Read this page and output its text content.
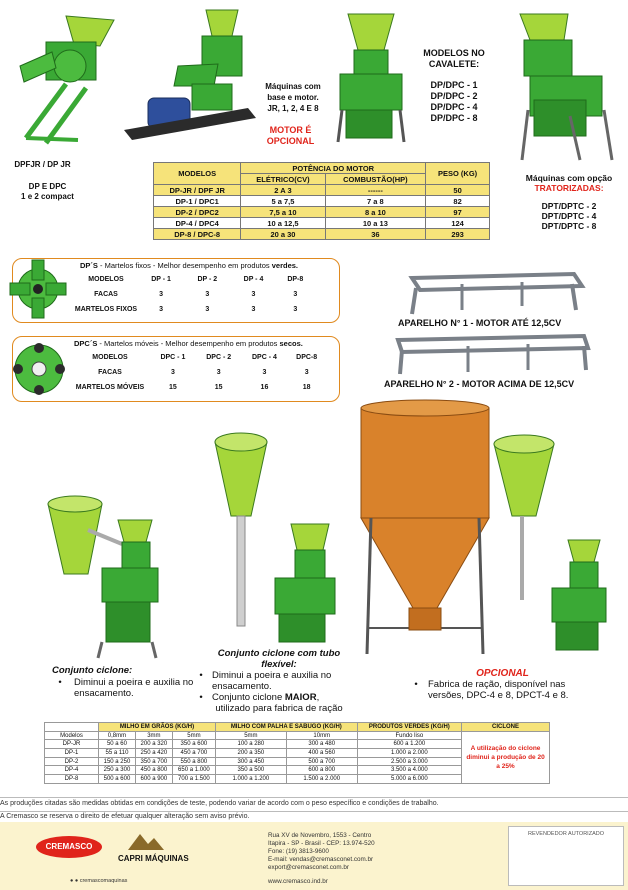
Máquinas com
base e motor.
JR, 1, 2, 4 E 8
MOTOR É
OPCIONAL
MODELOS NO
CAVALETE:
DP/DPC - 1
DP/DPC - 2
DP/DPC - 4
DP/DPC - 8
DPFJR / DP JR
DP E DPC
1 e 2 compact
Máquinas com opção
TRATORIZADAS:
DPT/DPTC - 2
DPT/DPTC - 4
DPT/DPTC - 8
MODELOS	POTÊNCIA DO MOTOR		PESO (KG)
	ELÉTRICO(CV)	COMBUSTÃO(HP)	
DP-JR / DPF JR	2 A 3	------	50
DP-1 / DPC1	5 a 7,5	7 a 8	82
DP-2 / DPC2	7,5 a 10	8 a 10	97
DP-4 / DPC4	10 a 12,5	10 a 13	124
DP-8 / DPC-8	20 a 30	36	293
DP´S - Martelos fixos - Melhor desempenho em produtos verdes.
MODELOS	DP - 1	DP - 2	DP - 4	DP-8
FACAS	3	3	3	3
MARTELOS FIXOS	3	3	3	3
DPC´S - Martelos móveis - Melhor desempenho em produtos secos.
MODELOS	DPC - 1	DPC - 2	DPC - 4	DPC-8
FACAS	3	3	3	3
MARTELOS MÓVEIS	15	15	16	18
APARELHO N° 1 - MOTOR ATÉ 12,5CV
APARELHO N° 2 - MOTOR ACIMA DE 12,5CV
Conjunto ciclone:
•	Diminui a poeira e auxilia no ensacamento.
Conjunto ciclone com tubo
flexível:
• Diminui a poeira e auxilia no ensacamento.
• Conjunto ciclone MAIOR,
utilizado para fabrica de ração
OPCIONAL
•	Fabrica de ração, disponível nas versões, DPC-4 e 8, DPCT-4 e 8.
	MILHO EM GRÃOS (KG/H)			MILHO COM PALHA E SABUGO (KG/H)		PRODUTOS VERDES (KG/H)	CICLONE
Modelos	0,8mm	3mm	5mm	5mm	10mm	Fundo liso	A utilização do ciclone diminui a produção de 20 a 25%
DP-JR	50 a 60	200 a 320	350 a 600	100 a 280	300 a 480	600 a 1.200	
DP-1	55 a 110	250 a 420	450 a 700	200 a 350	400 a 560	1.000 a 2.000	
DP-2	150 a 250	350 a 700	550 a 800	300 a 450	500 a 700	2.500 a 3.000	
DP-4	250 a 300	450 a 800	650 a 1.000	350 a 500	600 a 800	3.500 a 4.000	
DP-8	500 a 600	600 a 900	700 a 1.500	1.000 a 1.200	1.500 a 2.000	5.000 a 6.000	
As produções citadas são medidas obtidas em condições de teste, podendo variar de acordo com o peso específico e condições de trabalho.
A Cremasco se reserva o direito de efetuar qualquer alteração sem aviso prévio.
CREMASCO
CAPRI MÁQUINAS
● ● cremascomaquinas
Rua XV de Novembro, 1553 - Centro
Itapira - SP - Brasil - CEP: 13.974-520
Fone: (19) 3813-9600
E-mail: vendas@cremasconet.com.br
export@cremasconet.com.br
www.cremasco.ind.br
REVENDEDOR AUTORIZADO
